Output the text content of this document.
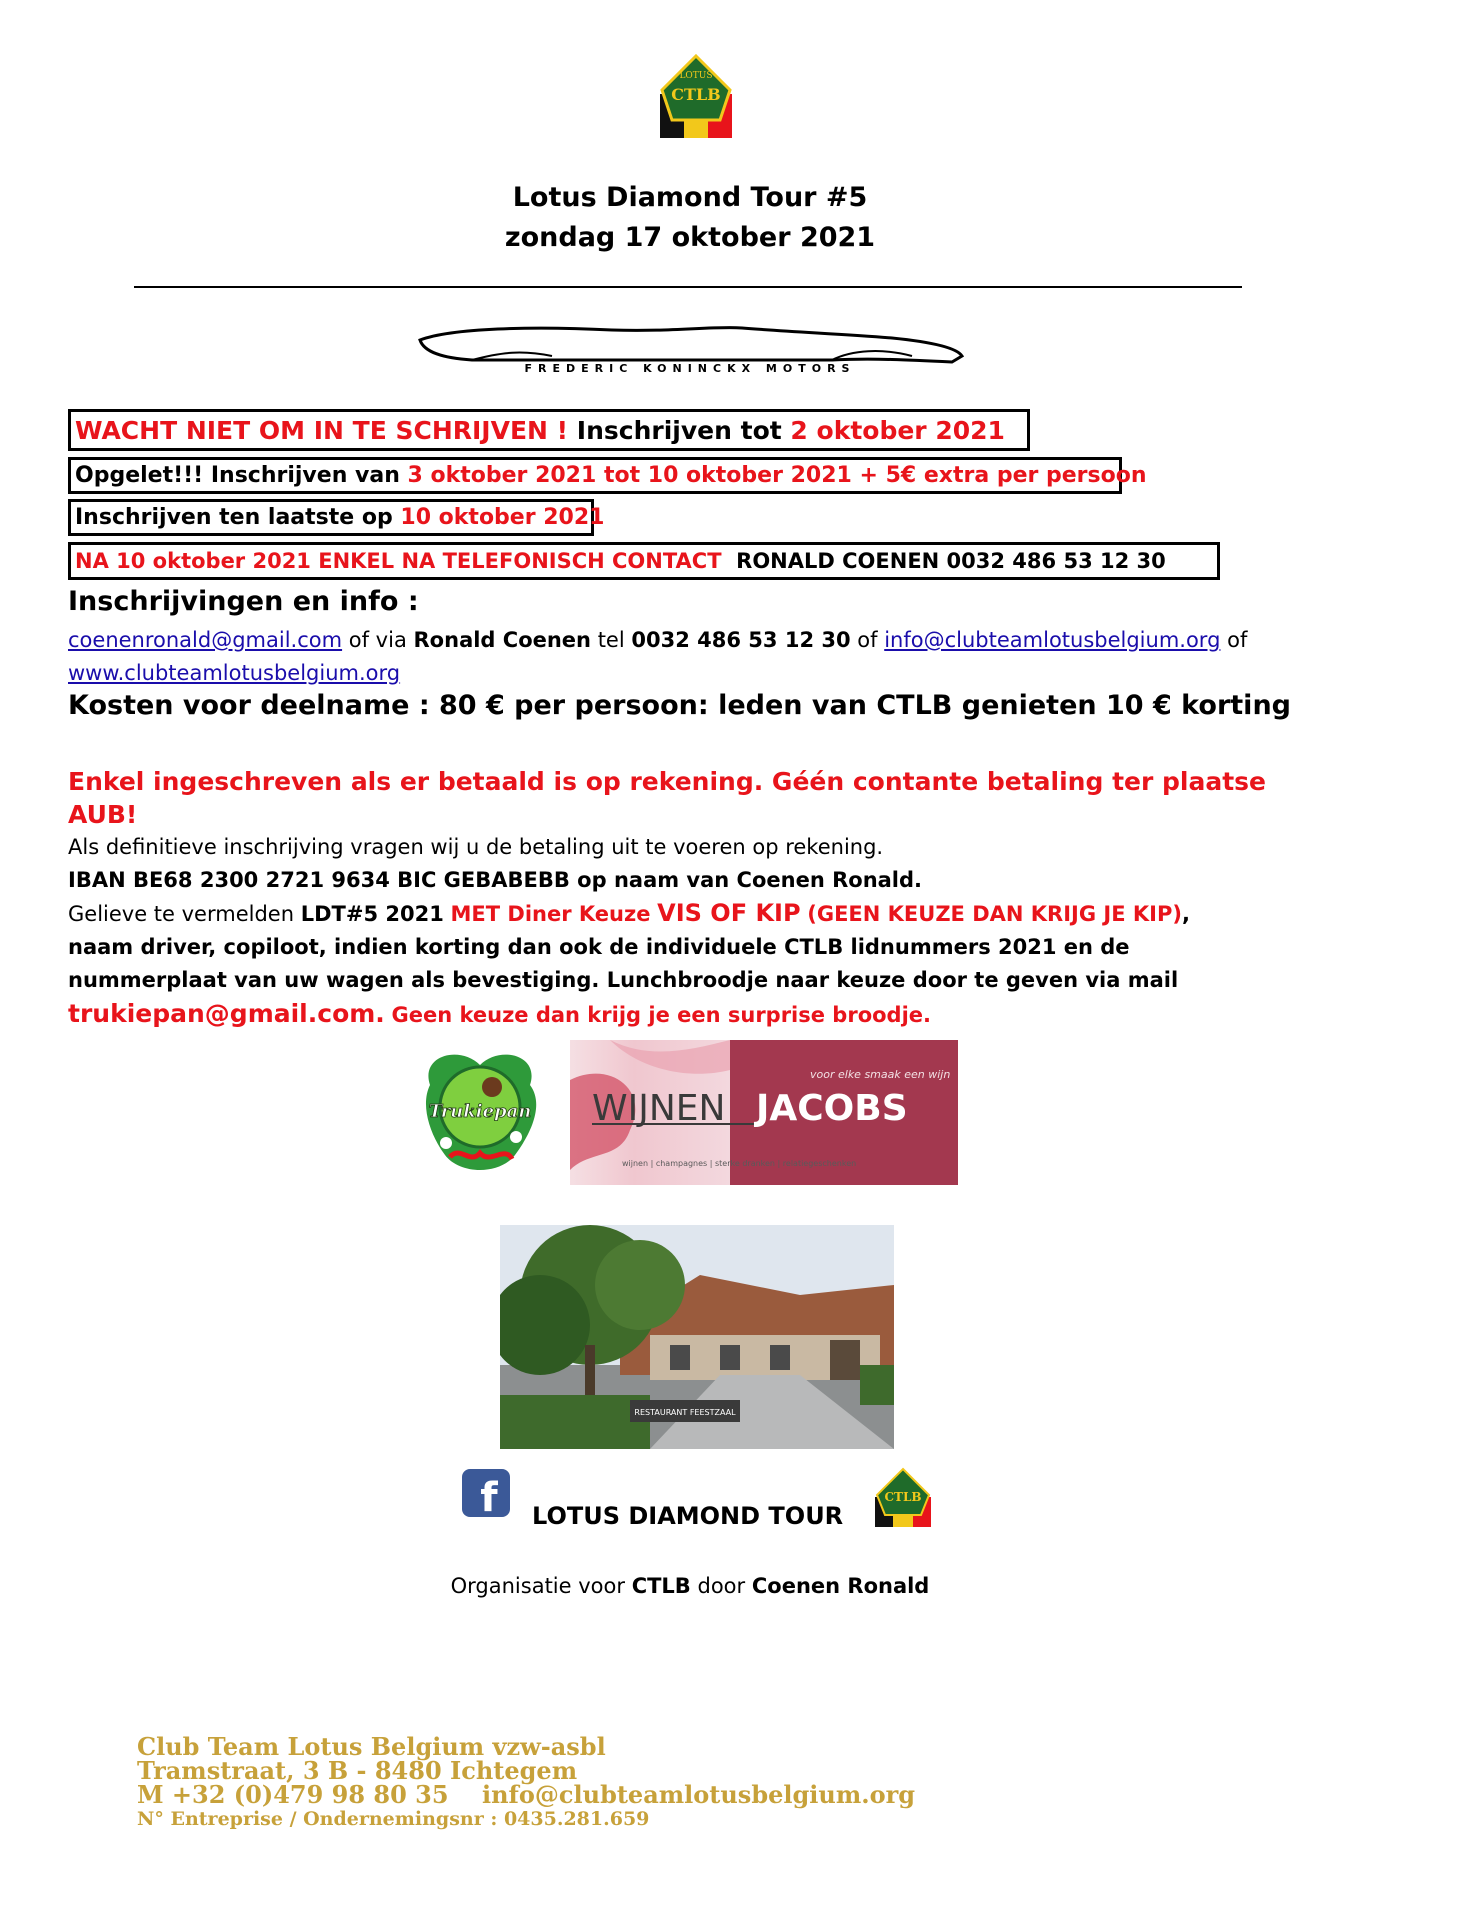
LOTUS
CTLB
Lotus Diamond Tour #5
zondag 17 oktober 2021
FREDERIC KONINCKX MOTORS
WACHT NIET OM IN TE SCHRIJVEN ! Inschrijven tot 2 oktober 2021
Opgelet!!! Inschrijven van 3 oktober 2021 tot 10 oktober 2021 + 5€ extra per persoon
Inschrijven ten laatste op 10 oktober 2021
NA 10 oktober 2021 ENKEL NA TELEFONISCH CONTACT RONALD COENEN 0032 486 53 12 30
Inschrijvingen en info :
coenenronald@gmail.com of via Ronald Coenen tel 0032 486 53 12 30 of info@clubteamlotusbelgium.org of
www.clubteamlotusbelgium.org
Kosten voor deelname : 80 € per persoon: leden van CTLB genieten 10 € korting
Enkel ingeschreven als er betaald is op rekening. Géén contante betaling ter plaatse AUB!
Als definitieve inschrijving vragen wij u de betaling uit te voeren op rekening.
IBAN BE68 2300 2721 9634 BIC GEBABEBB op naam van Coenen Ronald.
Gelieve te vermelden LDT#5 2021 MET Diner Keuze VIS OF KIP (GEEN KEUZE DAN KRIJG JE KIP),
naam driver, copiloot, indien korting dan ook de individuele CTLB lidnummers 2021 en de
nummerplaat van uw wagen als bevestiging. Lunchbroodje naar keuze door te geven via mail
trukiepan@gmail.com. Geen keuze dan krijg je een surprise broodje.
Trukiepan
voor elke smaak een wijn
WIJNEN JACOBS
wijnen | champagnes | sterke dranken | relatiegeschenken
RESTAURANT FEESTZAAL
f LOTUS DIAMOND TOUR
CTLB
Organisatie voor CTLB door Coenen Ronald
Club Team Lotus Belgium vzw-asbl
Tramstraat, 3 B - 8480 Ichtegem
M +32 (0)479 98 80 35 info@clubteamlotusbelgium.org
N° Entreprise / Ondernemingsnr : 0435.281.659
